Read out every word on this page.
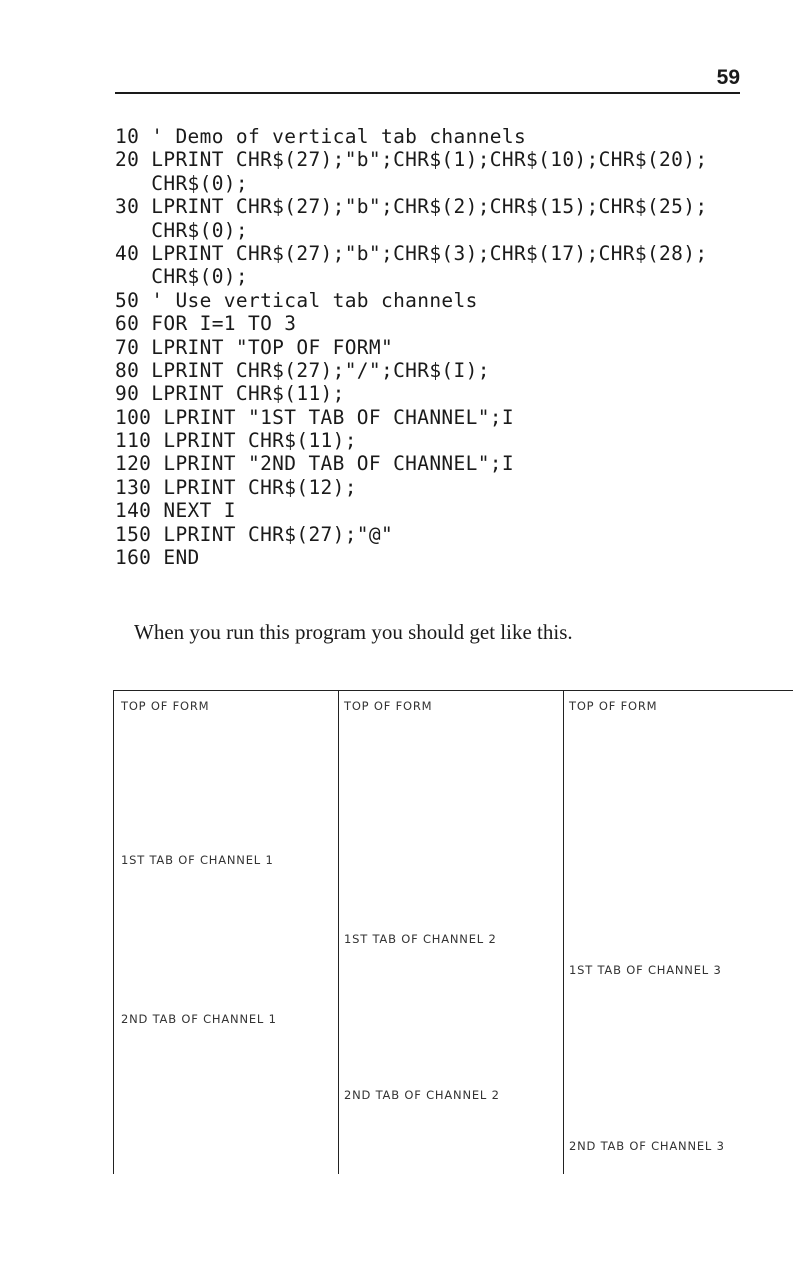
59
10 ' Demo of vertical tab channels
20 LPRINT CHR$(27);"b";CHR$(1);CHR$(10);CHR$(20);
CHR$(0);
30 LPRINT CHR$(27);"b";CHR$(2);CHR$(15);CHR$(25);
CHR$(0);
40 LPRINT CHR$(27);"b";CHR$(3);CHR$(17);CHR$(28);
CHR$(0);
50 ' Use vertical tab channels
60 FOR I=1 TO 3
70 LPRINT "TOP OF FORM"
80 LPRINT CHR$(27);"/";CHR$(I);
90 LPRINT CHR$(11);
100 LPRINT "1ST TAB OF CHANNEL";I
110 LPRINT CHR$(11);
120 LPRINT "2ND TAB OF CHANNEL";I
130 LPRINT CHR$(12);
140 NEXT I
150 LPRINT CHR$(27);"@"
160 END
When you run this program you should get like this.
TOP OF FORM
1ST TAB OF CHANNEL 1
2ND TAB OF CHANNEL 1
TOP OF FORM
1ST TAB OF CHANNEL 2
2ND TAB OF CHANNEL 2
TOP OF FORM
1ST TAB OF CHANNEL 3
2ND TAB OF CHANNEL 3
